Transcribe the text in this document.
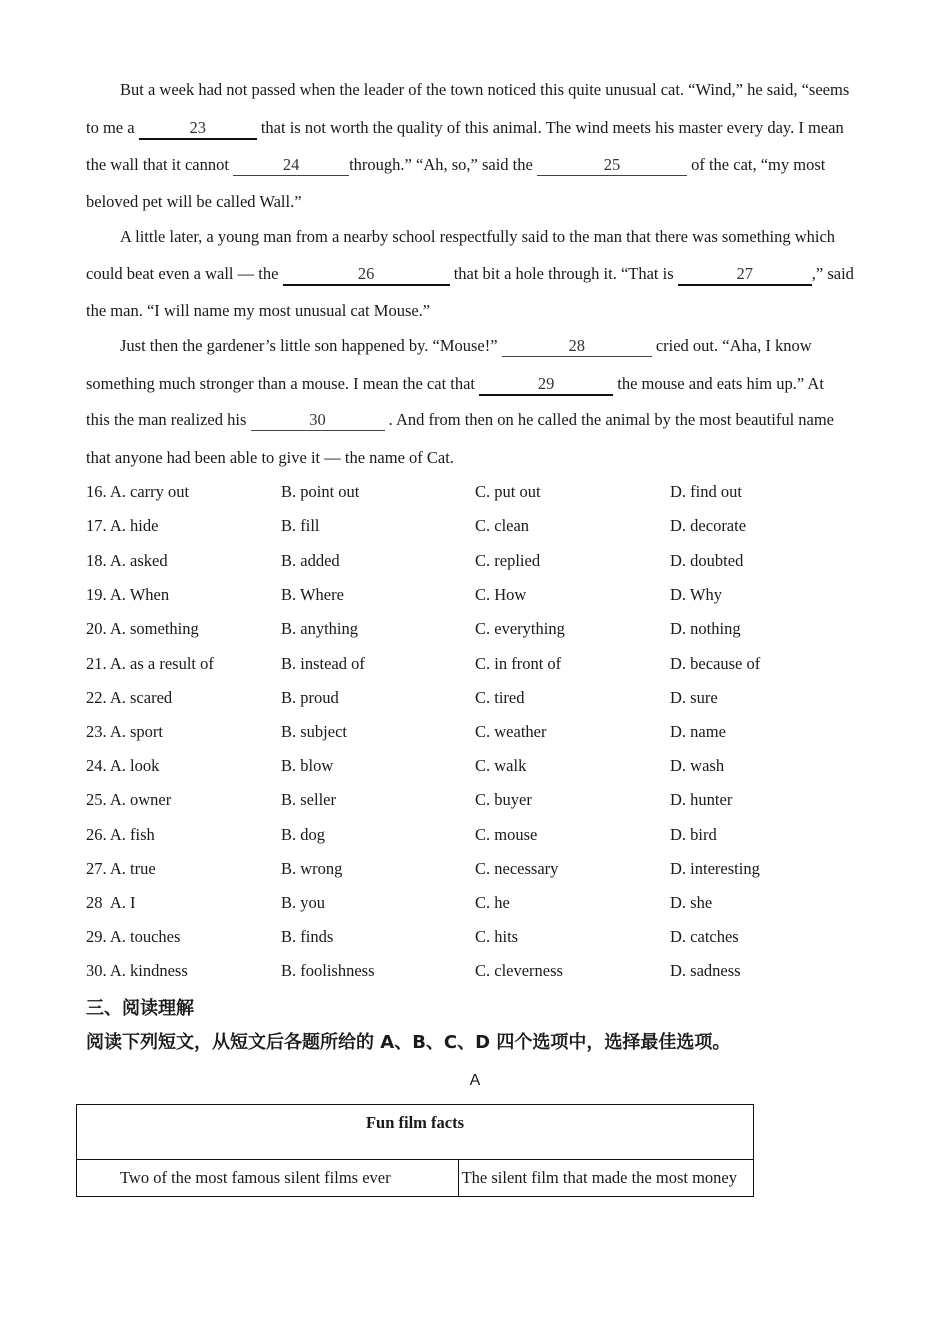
But a week had not passed when the leader of the town noticed this quite unusual cat. “Wind,” he said, “seems
to me a	23	that is not worth the quality of this animal. The wind meets his master every day. I mean
the wall that it cannot	24	through.” “Ah, so,” said the	25	of the cat, “my most
beloved pet will be called Wall.”
A little later, a young man from a nearby school respectfully said to the man that there was something which
could beat even a wall — the	26	that bit a hole through it. “That is	27	,” said
the man. “I will name my most unusual cat Mouse.”
Just then the gardener’s little son happened by. “Mouse!”	28	cried out. “Aha, I know
something much stronger than a mouse. I mean the cat that	29	the mouse and eats him up.” At
this the man realized his	30	. And from then on he called the animal by the most beautiful name
that anyone had been able to give it — the name of Cat.
16. A. carry out	B. point out	C. put out	D. find out
17. A. hide	B. fill	C. clean	D. decorate
18. A. asked	B. added	C. replied	D. doubted
19. A. When	B. Where	C. How	D. Why
20. A. something	B. anything	C. everything	D. nothing
21. A. as a result of	B. instead of	C. in front of	D. because of
22. A. scared	B. proud	C. tired	D. sure
23. A. sport	B. subject	C. weather	D. name
24. A. look	B. blow	C. walk	D. wash
25. A. owner	B. seller	C. buyer	D. hunter
26. A. fish	B. dog	C. mouse	D. bird
27. A. true	B. wrong	C. necessary	D. interesting
28  A. I	B. you	C. he	D. she
29. A. touches	B. finds	C. hits	D. catches
30. A. kindness	B. foolishness	C. cleverness	D. sadness
三、阅读理解
阅读下列短文，从短文后各题所给的 A、B、C、D 四个选项中，选择最佳选项。
A
Fun film facts
Two of the most famous silent films ever	The silent film that made the most money
